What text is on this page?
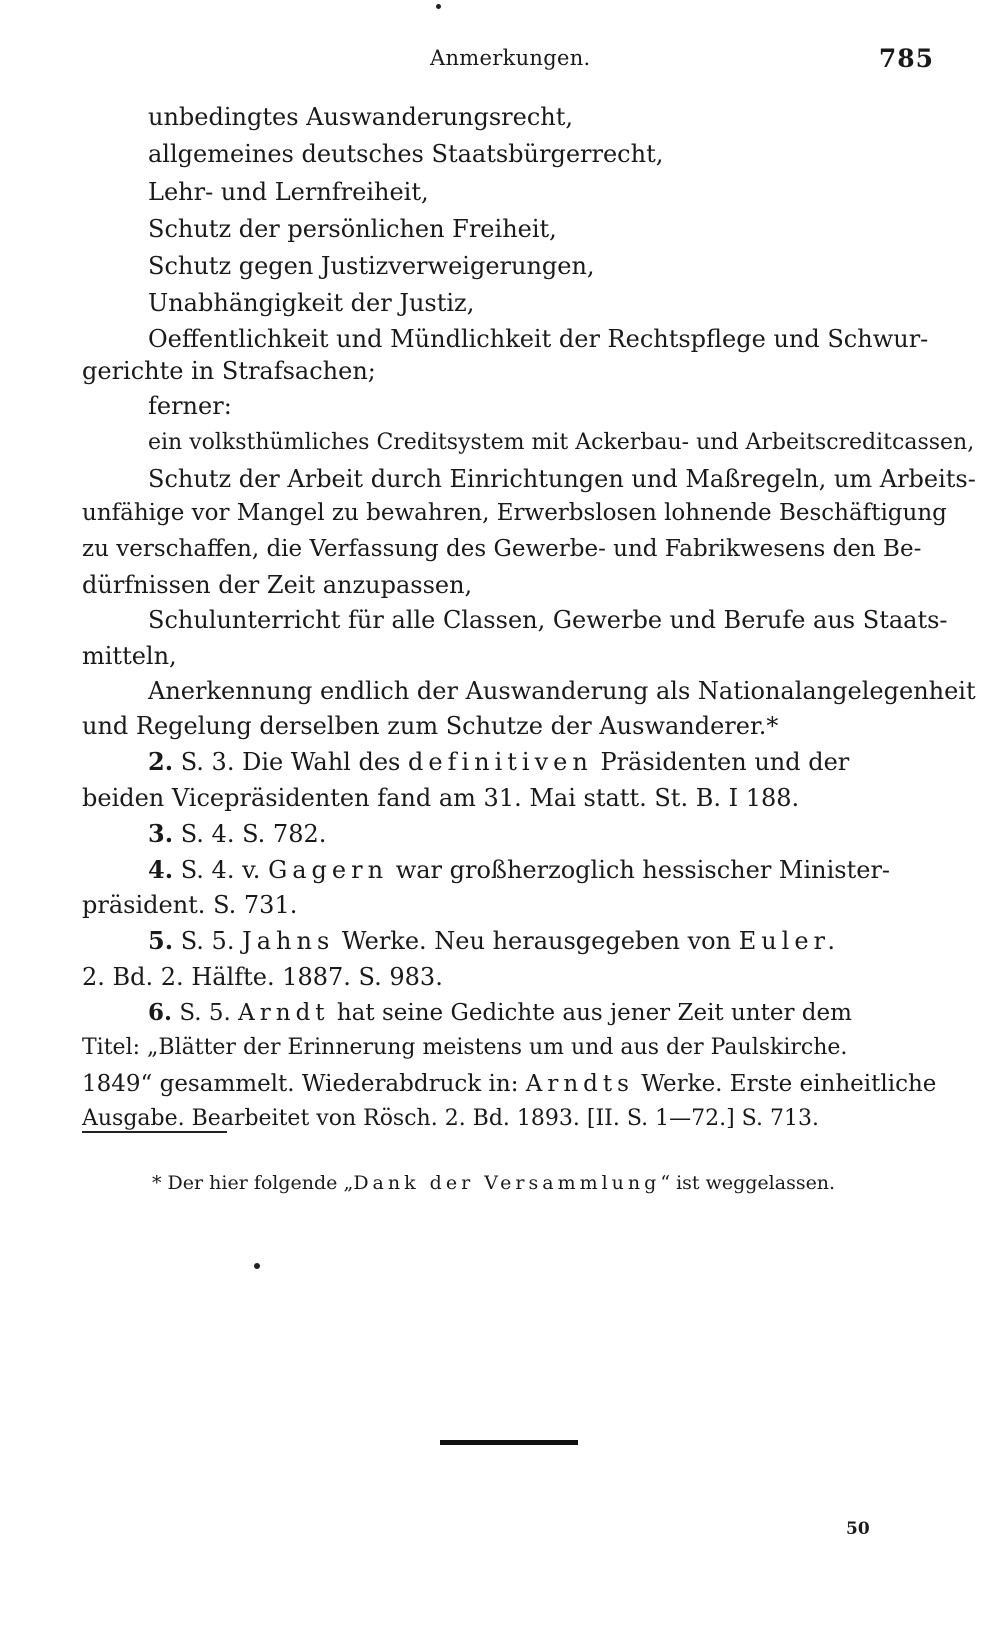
Anmerkungen.	785
unbedingtes Auswanderungsrecht,
allgemeines deutsches Staatsbürgerrecht,
Lehr- und Lernfreiheit,
Schutz der persönlichen Freiheit,
Schutz gegen Justizverweigerungen,
Unabhängigkeit der Justiz,
Oeffentlichkeit und Mündlichkeit der Rechtspflege und Schwur-
gerichte in Strafsachen;
ferner:
ein volksthümliches Creditsystem mit Ackerbau- und Arbeitscreditcassen,
Schutz der Arbeit durch Einrichtungen und Maßregeln, um Arbeits-
unfähige vor Mangel zu bewahren, Erwerbslosen lohnende Beschäftigung
zu verschaffen, die Verfassung des Gewerbe- und Fabrikwesens den Be-
dürfnissen der Zeit anzupassen,
Schulunterricht für alle Classen, Gewerbe und Berufe aus Staats-
mitteln,
Anerkennung endlich der Auswanderung als Nationalangelegenheit
und Regelung derselben zum Schutze der Auswanderer.*
2. S. 3. Die Wahl des definitiven Präsidenten und der
beiden Vicepräsidenten fand am 31. Mai statt. St. B. I 188.
3. S. 4. S. 782.
4. S. 4. v. Gagern war großherzoglich hessischer Minister-
präsident. S. 731.
5. S. 5. Jahns Werke. Neu herausgegeben von Euler.
2. Bd. 2. Hälfte. 1887. S. 983.
6. S. 5. Arndt hat seine Gedichte aus jener Zeit unter dem
Titel: „Blätter der Erinnerung meistens um und aus der Paulskirche.
1849“ gesammelt. Wiederabdruck in: Arndts Werke. Erste einheitliche
Ausgabe. Bearbeitet von Rösch. 2. Bd. 1893. [II. S. 1—72.] S. 713.
* Der hier folgende „Dank der Versammlung“ ist weggelassen.
50
